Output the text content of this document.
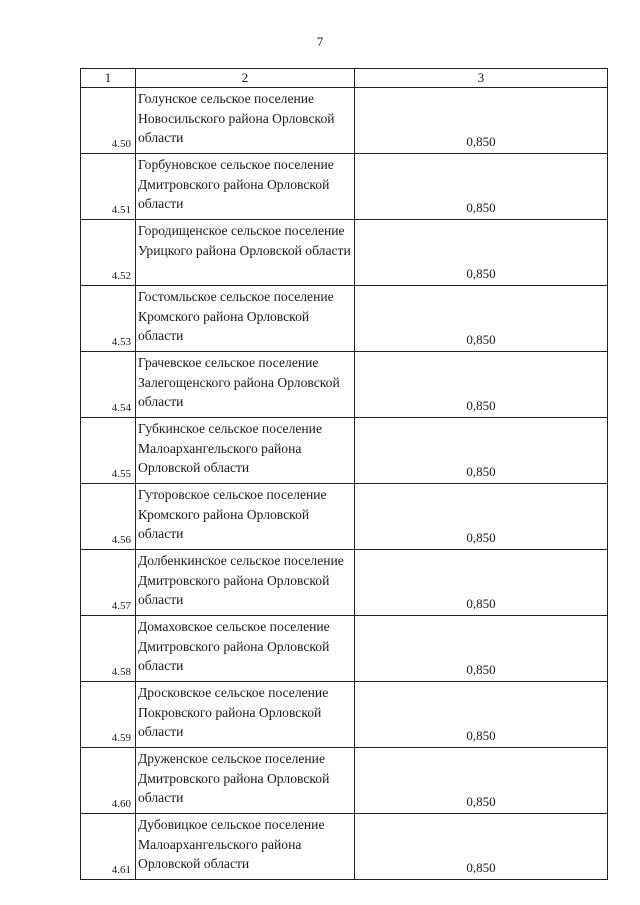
7
1	2	3
4.50	Голунское сельское поселение Новосильского района Орловской области	0,850
4.51	Горбуновское сельское поселение Дмитровского района Орловской области	0,850
4.52	Городищенское сельское поселение Урицкого района Орловской области	0,850
4.53	Гостомльское сельское поселение Кромского района Орловской области	0,850
4.54	Грачевское сельское поселение Залегощенского района Орловской области	0,850
4.55	Губкинское сельское поселение Малоархангельского района Орловской области	0,850
4.56	Гуторовское сельское поселение Кромского района Орловской области	0,850
4.57	Долбенкинское сельское поселение Дмитровского района Орловской области	0,850
4.58	Домаховское сельское поселение Дмитровского района Орловской области	0,850
4.59	Дросковское сельское поселение Покровского района Орловской области	0,850
4.60	Друженское сельское поселение Дмитровского района Орловской области	0,850
4.61	Дубовицкое сельское поселение Малоархангельского района Орловской области	0,850
